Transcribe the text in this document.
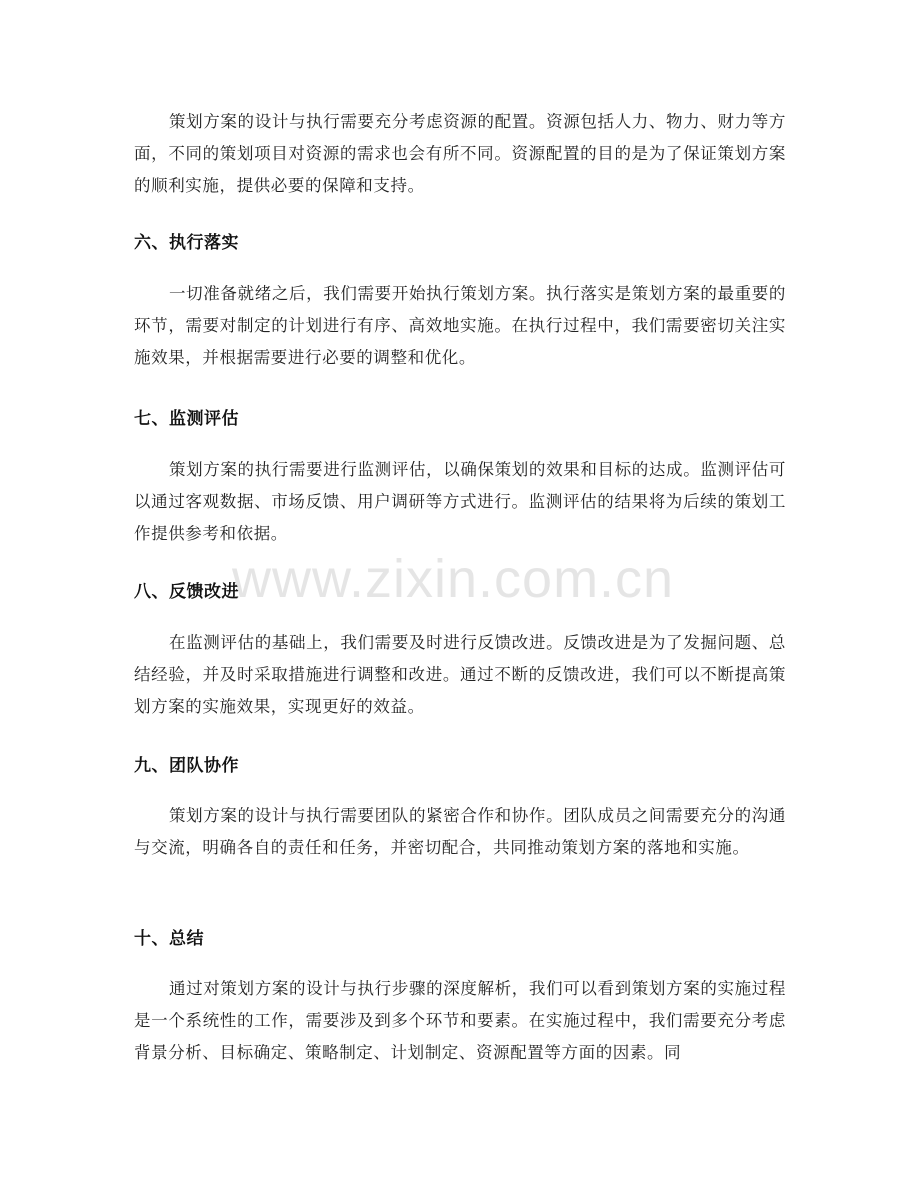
策划方案的设计与执行需要充分考虑资源的配置。资源包括人力、物力、财力等方面，不同的策划项目对资源的需求也会有所不同。资源配置的目的是为了保证策划方案的顺利实施，提供必要的保障和支持。

六、执行落实

一切准备就绪之后，我们需要开始执行策划方案。执行落实是策划方案的最重要的环节，需要对制定的计划进行有序、高效地实施。在执行过程中，我们需要密切关注实施效果，并根据需要进行必要的调整和优化。

七、监测评估

策划方案的执行需要进行监测评估，以确保策划的效果和目标的达成。监测评估可以通过客观数据、市场反馈、用户调研等方式进行。监测评估的结果将为后续的策划工作提供参考和依据。

八、反馈改进

在监测评估的基础上，我们需要及时进行反馈改进。反馈改进是为了发掘问题、总结经验，并及时采取措施进行调整和改进。通过不断的反馈改进，我们可以不断提高策划方案的实施效果，实现更好的效益。

九、团队协作

策划方案的设计与执行需要团队的紧密合作和协作。团队成员之间需要充分的沟通与交流，明确各自的责任和任务，并密切配合，共同推动策划方案的落地和实施。

十、总结

通过对策划方案的设计与执行步骤的深度解析，我们可以看到策划方案的实施过程是一个系统性的工作，需要涉及到多个环节和要素。在实施过程中，我们需要充分考虑背景分析、目标确定、策略制定、计划制定、资源配置等方面的因素。同

www.zixin.com.cn
